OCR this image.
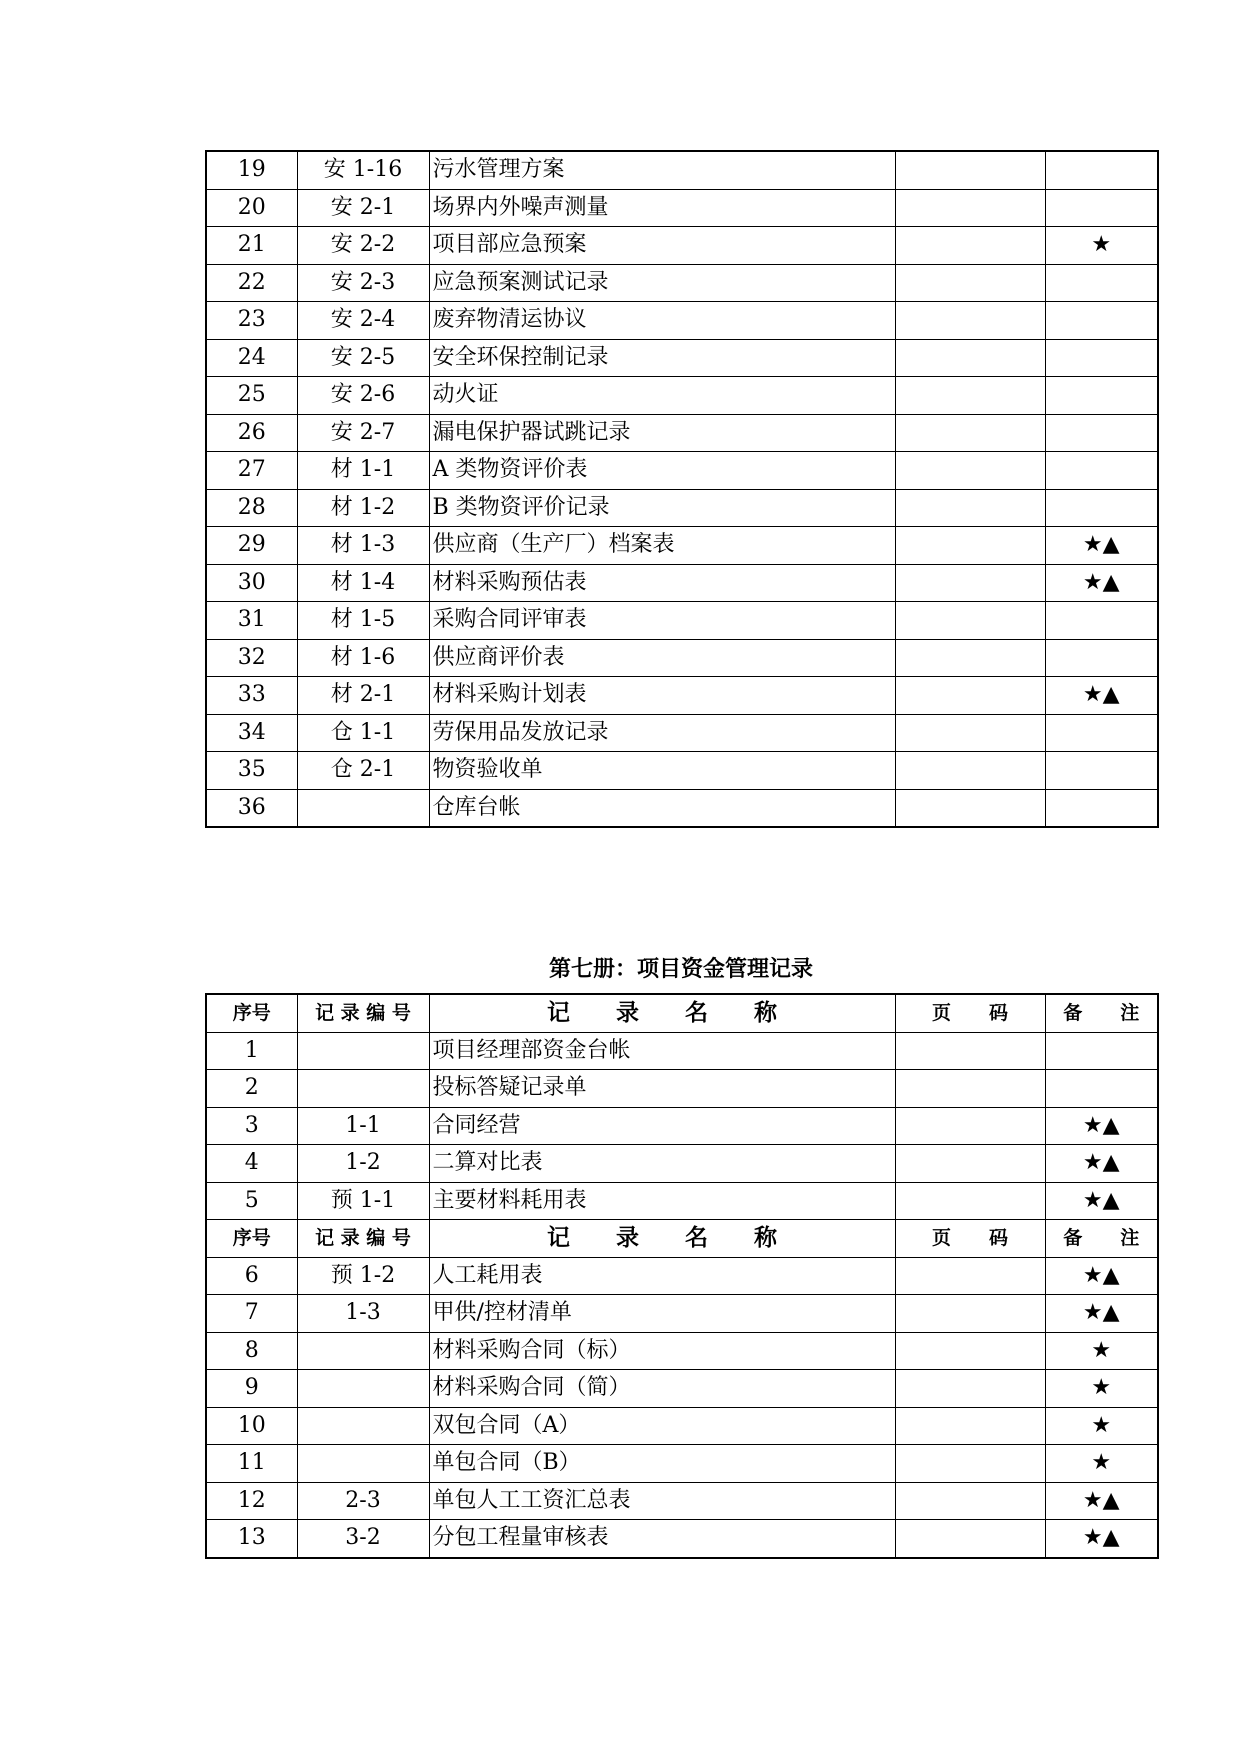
19	安 1-16	污水管理方案		
20	安 2-1	场界内外噪声测量		
21	安 2-2	项目部应急预案		★
22	安 2-3	应急预案测试记录		
23	安 2-4	废弃物清运协议		
24	安 2-5	安全环保控制记录		
25	安 2-6	动火证		
26	安 2-7	漏电保护器试跳记录		
27	材 1-1	A 类物资评价表		
28	材 1-2	B 类物资评价记录		
29	材 1-3	供应商（生产厂）档案表		★▲
30	材 1-4	材料采购预估表		★▲
31	材 1-5	采购合同评审表		
32	材 1-6	供应商评价表		
33	材 2-1	材料采购计划表		★▲
34	仓 1-1	劳保用品发放记录		
35	仓 2-1	物资验收单		
36		仓库台帐		
第七册：项目资金管理记录
序号	记 录 编 号	记　　录　　名　　称	页　　码	备　　注
1		项目经理部资金台帐		
2		投标答疑记录单		
3	1-1	合同经营		★▲
4	1-2	二算对比表		★▲
5	预 1-1	主要材料耗用表		★▲
序号	记 录 编 号	记　　录　　名　　称	页　　码	备　　注
6	预 1-2	人工耗用表		★▲
7	1-3	甲供/控材清单		★▲
8		材料采购合同（标）		★
9		材料采购合同（简）		★
10		双包合同（A）		★
11		单包合同（B）		★
12	2-3	单包人工工资汇总表		★▲
13	3-2	分包工程量审核表		★▲
